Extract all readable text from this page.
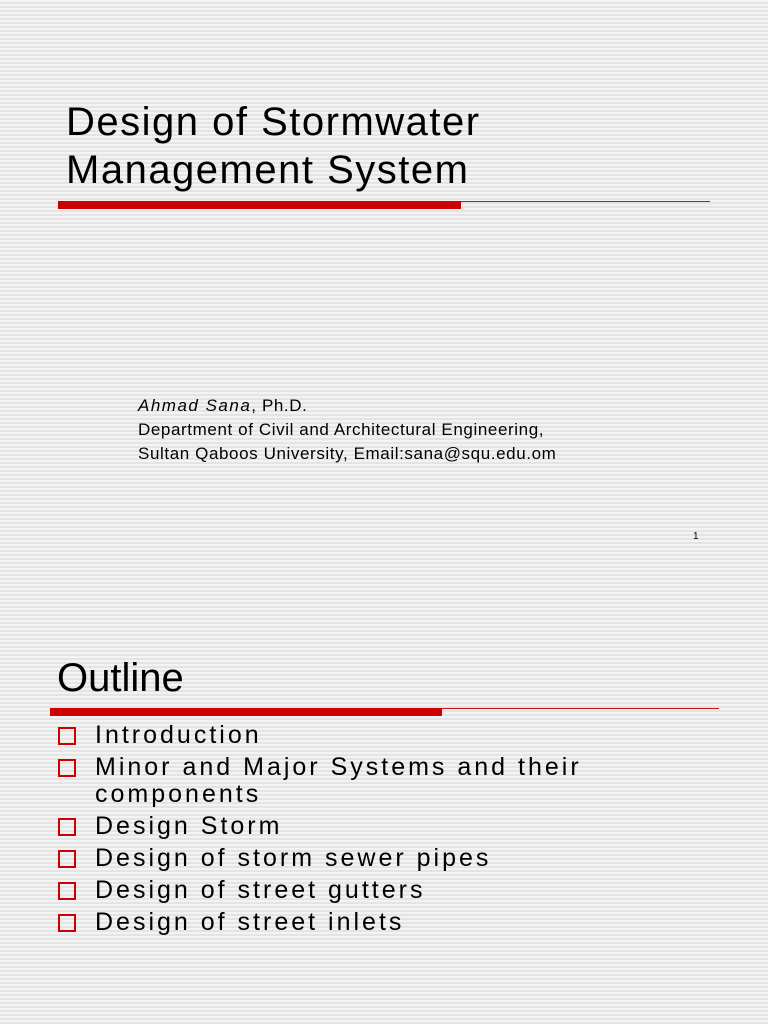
Design of Stormwater Management System
Ahmad Sana, Ph.D.
Department of Civil and Architectural Engineering,
Sultan Qaboos University, Email:sana@squ.edu.om
1
Outline
Introduction
Minor and Major Systems and their components
Design Storm
Design of storm sewer pipes
Design of street gutters
Design of street inlets
